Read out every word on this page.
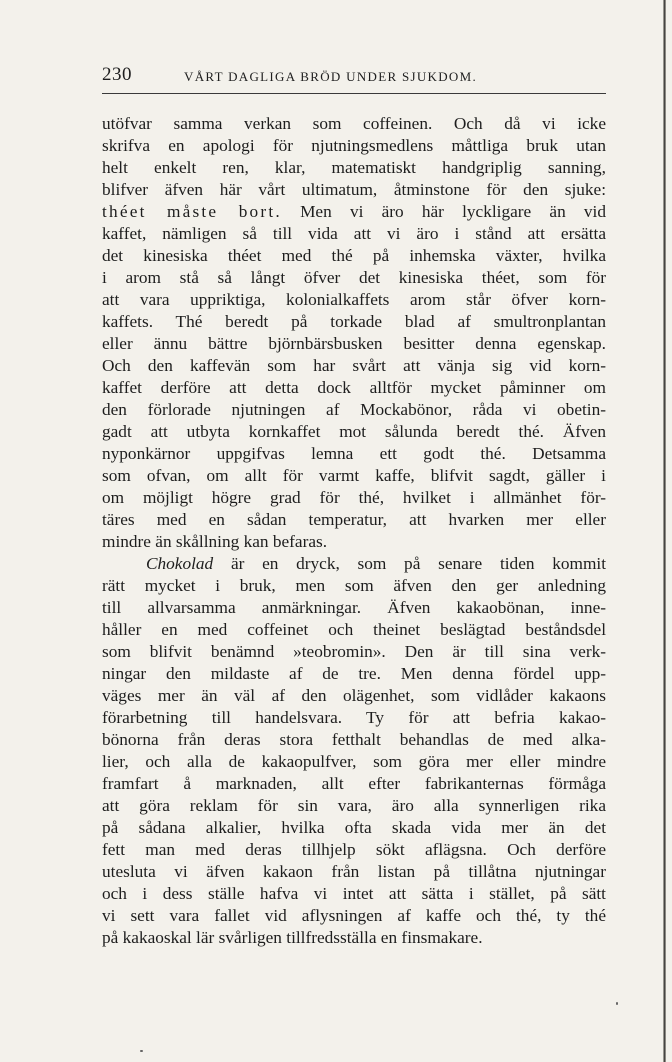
230	VÅRT DAGLIGA BRÖD UNDER SJUKDOM.
utöfvar samma verkan som coffeinen. Och då vi icke
skrifva en apologi för njutningsmedlens måttliga bruk utan
helt enkelt ren, klar, matematiskt handgriplig sanning,
blifver äfven här vårt ultimatum, åtminstone för den sjuke:
théet måste bort. Men vi äro här lyckligare än vid
kaffet, nämligen så till vida att vi äro i stånd att ersätta
det kinesiska théet med thé på inhemska växter, hvilka
i arom stå så långt öfver det kinesiska théet, som för
att vara uppriktiga, kolonialkaffets arom står öfver korn-
kaffets. Thé beredt på torkade blad af smultronplantan
eller ännu bättre björnbärsbusken besitter denna egenskap.
Och den kaffevän som har svårt att vänja sig vid korn-
kaffet derföre att detta dock alltför mycket påminner om
den förlorade njutningen af Mockabönor, råda vi obetin-
gadt att utbyta kornkaffet mot sålunda beredt thé. Äfven
nyponkärnor uppgifvas lemna ett godt thé. Detsamma
som ofvan, om allt för varmt kaffe, blifvit sagdt, gäller i
om möjligt högre grad för thé, hvilket i allmänhet för-
täres med en sådan temperatur, att hvarken mer eller
mindre än skållning kan befaras.
Chokolad är en dryck, som på senare tiden kommit
rätt mycket i bruk, men som äfven den ger anledning
till allvarsamma anmärkningar. Äfven kakaobönan, inne-
håller en med coffeinet och theinet beslägtad beståndsdel
som blifvit benämnd »teobromin». Den är till sina verk-
ningar den mildaste af de tre. Men denna fördel upp-
väges mer än väl af den olägenhet, som vidlåder kakaons
förarbetning till handelsvara. Ty för att befria kakao-
bönorna från deras stora fetthalt behandlas de med alka-
lier, och alla de kakaopulfver, som göra mer eller mindre
framfart å marknaden, allt efter fabrikanternas förmåga
att göra reklam för sin vara, äro alla synnerligen rika
på sådana alkalier, hvilka ofta skada vida mer än det
fett man med deras tillhjelp sökt aflägsna. Och derföre
utesluta vi äfven kakaon från listan på tillåtna njutningar
och i dess ställe hafva vi intet att sätta i stället, på sätt
vi sett vara fallet vid aflysningen af kaffe och thé, ty thé
på kakaoskal lär svårligen tillfredsställa en finsmakare.
